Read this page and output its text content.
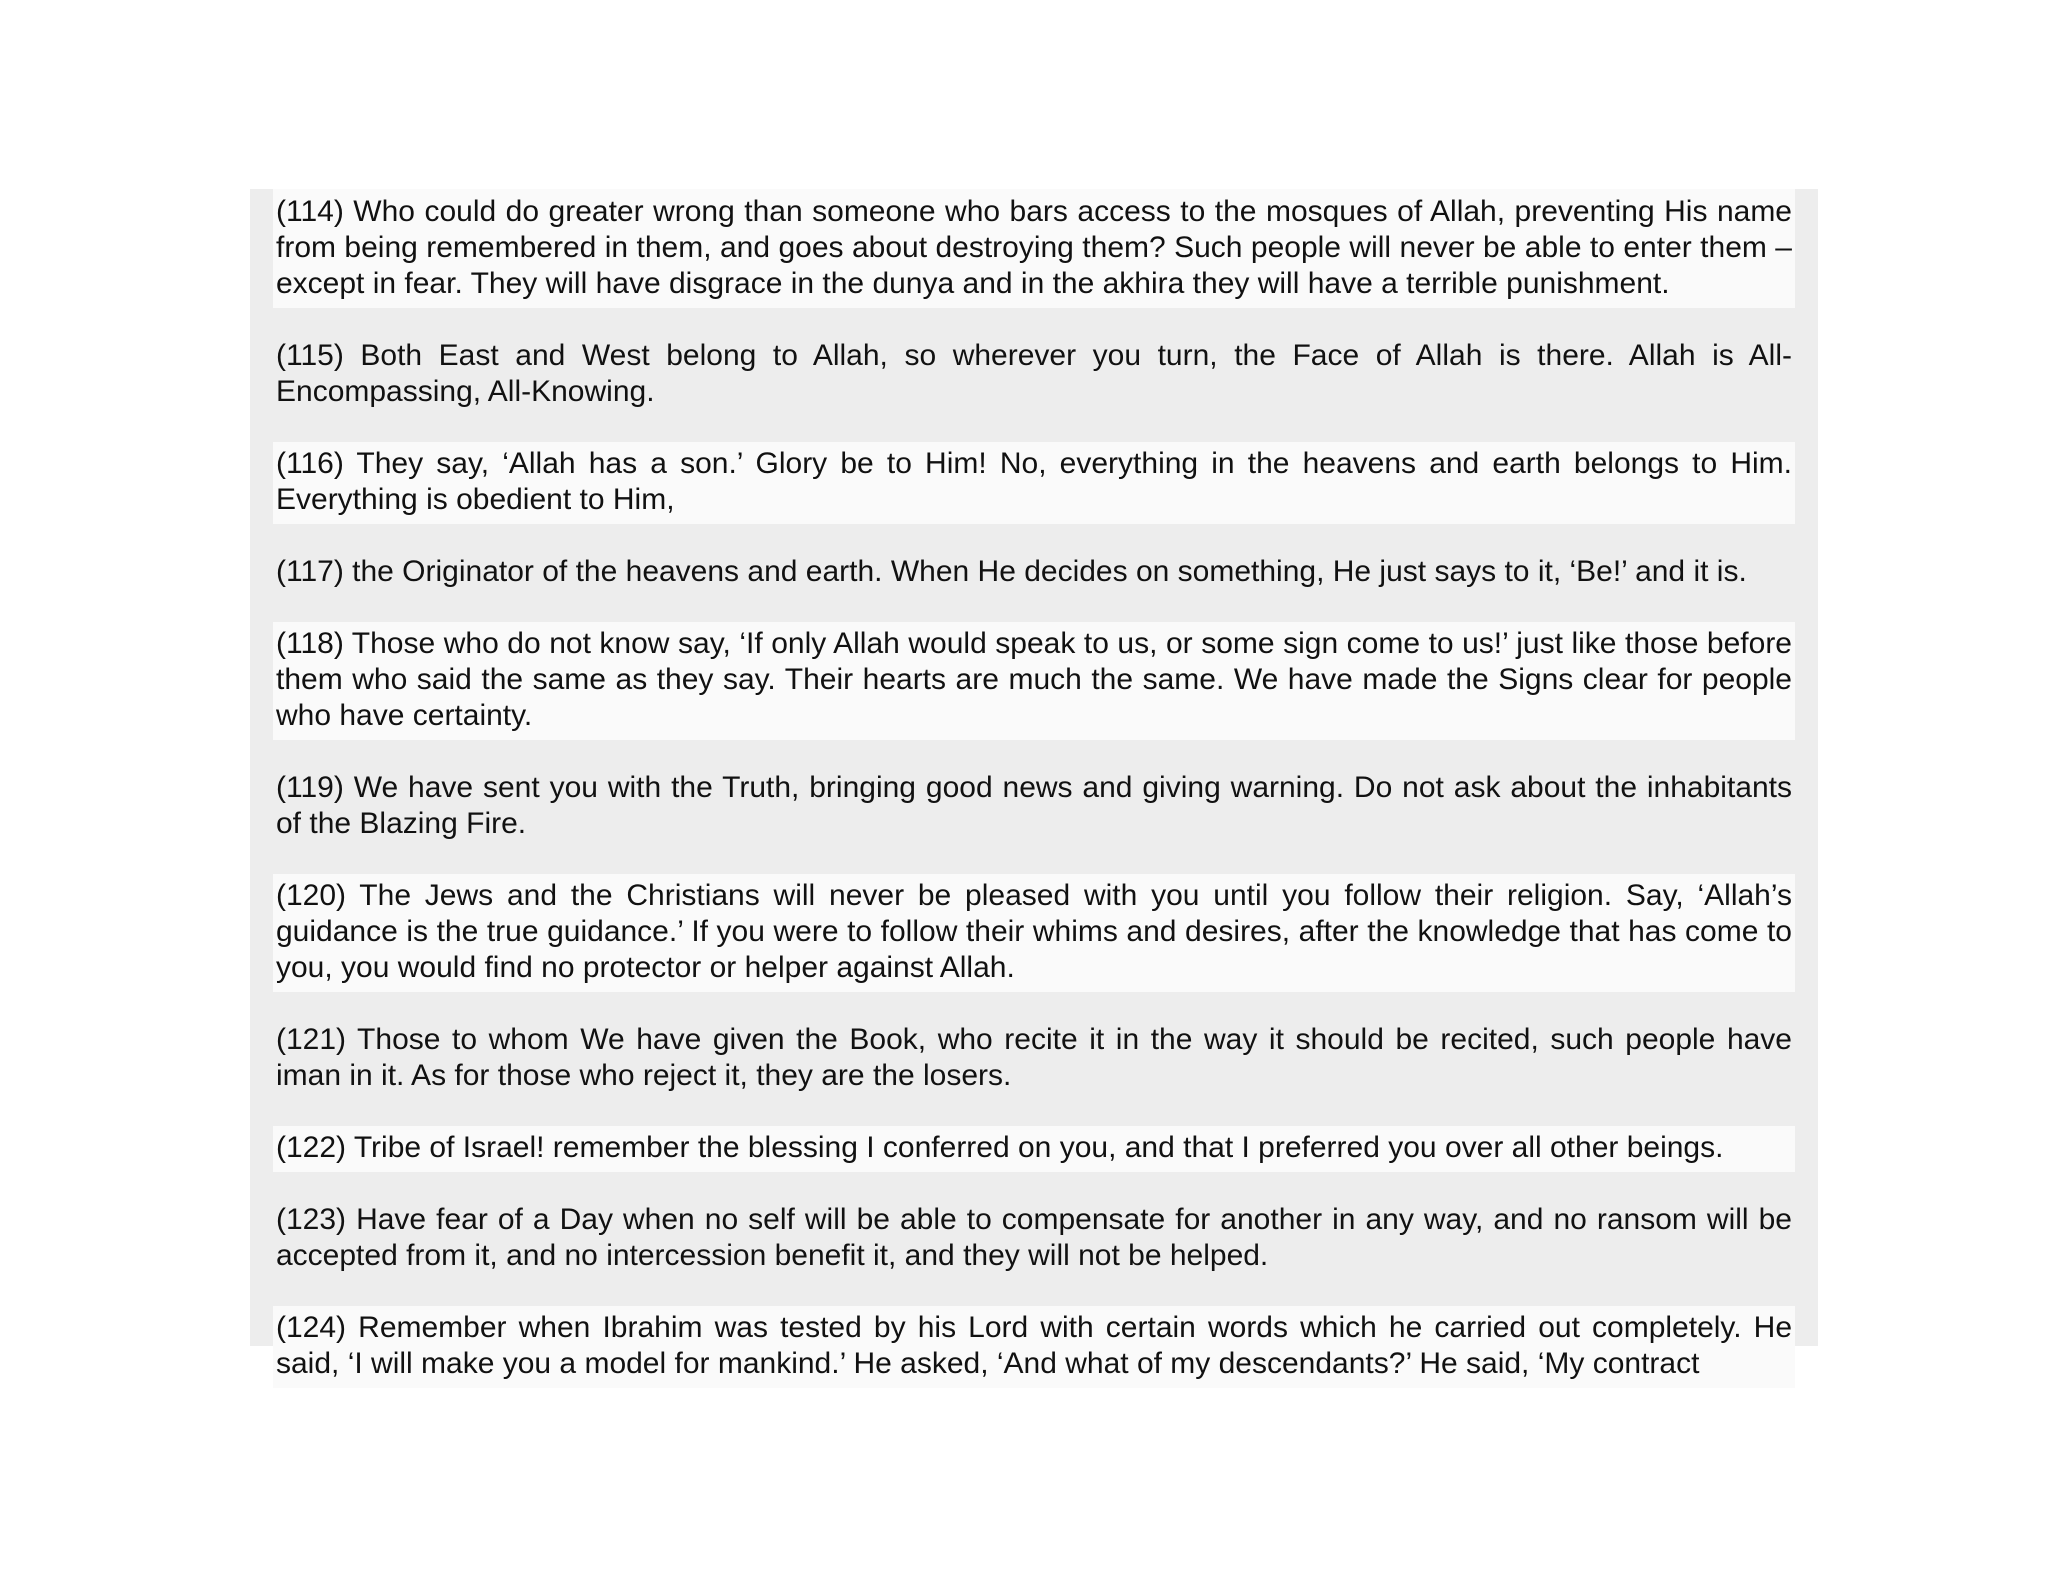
(114) Who could do greater wrong than someone who bars access to the mosques of Allah, preventing His name from being remembered in them, and goes about destroying them? Such people will never be able to enter them – except in fear. They will have disgrace in the dunya and in the akhira they will have a terrible punishment.
(115) Both East and West belong to Allah, so wherever you turn, the Face of Allah is there. Allah is All-Encompassing, All-Knowing.
(116) They say, ‘Allah has a son.’ Glory be to Him! No, everything in the heavens and earth belongs to Him. Everything is obedient to Him,
(117) the Originator of the heavens and earth. When He decides on something, He just says to it, ‘Be!’ and it is.
(118) Those who do not know say, ‘If only Allah would speak to us, or some sign come to us!’ just like those before them who said the same as they say. Their hearts are much the same. We have made the Signs clear for people who have certainty.
(119) We have sent you with the Truth, bringing good news and giving warning. Do not ask about the inhabitants of the Blazing Fire.
(120) The Jews and the Christians will never be pleased with you until you follow their religion. Say, ‘Allah’s guidance is the true guidance.’ If you were to follow their whims and desires, after the knowledge that has come to you, you would find no protector or helper against Allah.
(121) Those to whom We have given the Book, who recite it in the way it should be recited, such people have iman in it. As for those who reject it, they are the losers.
(122) Tribe of Israel! remember the blessing I conferred on you, and that I preferred you over all other beings.
(123) Have fear of a Day when no self will be able to compensate for another in any way, and no ransom will be accepted from it, and no intercession benefit it, and they will not be helped.
(124) Remember when Ibrahim was tested by his Lord with certain words which he carried out completely. He said, ‘I will make you a model for mankind.’ He asked, ‘And what of my descendants?’ He said, ‘My contract
